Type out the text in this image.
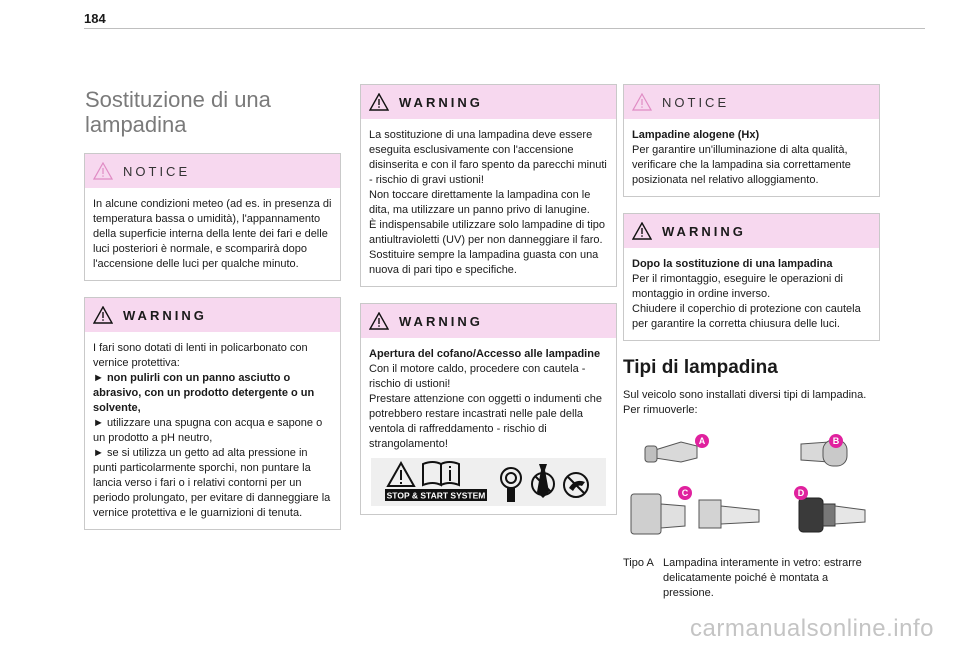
184
Sostituzione di una lampadina
NOTICE

In alcune condizioni meteo (ad es. in presenza di temperatura bassa o umidità), l'appannamento della superficie interna della lente dei fari e delle luci posteriori è normale, e scomparirà dopo l'accensione delle luci per qualche minuto.

WARNING

I fari sono dotati di lenti in policarbonato con vernice protettiva:

► non pulirli con un panno asciutto o abrasivo, con un prodotto detergente o un solvente,

► utilizzare una spugna con acqua e sapone o un prodotto a pH neutro,

► se si utilizza un getto ad alta pressione in punti particolarmente sporchi, non puntare la lancia verso i fari o i relativi contorni per un periodo prolungato, per evitare di danneggiare la vernice protettiva e le guarnizioni di tenuta.

WARNING

La sostituzione di una lampadina deve essere eseguita esclusivamente con l'accensione disinserita e con il faro spento da parecchi minuti - rischio di gravi ustioni!

Non toccare direttamente la lampadina con le dita, ma utilizzare un panno privo di lanugine.

È indispensabile utilizzare solo lampadine di tipo antiultravioletti (UV) per non danneggiare il faro.

Sostituire sempre la lampadina guasta con una nuova di pari tipo e specifiche.

WARNING

Apertura del cofano/Accesso alle lampadine

Con il motore caldo, procedere con cautela - rischio di ustioni!

Prestare attenzione con oggetti o indumenti che potrebbero restare incastrati nelle pale della ventola di raffreddamento - rischio di strangolamento!

STOP & START SYSTEM
NOTICE

Lampadine alogene (Hx)

Per garantire un'illuminazione di alta qualità, verificare che la lampadina sia correttamente posizionata nel relativo alloggiamento.

WARNING

Dopo la sostituzione di una lampadina

Per il rimontaggio, eseguire le operazioni di montaggio in ordine inverso.

Chiudere il coperchio di protezione con cautela per garantire la corretta chiusura delle luci.

Tipi di lampadina
Sul veicolo sono installati diversi tipi di lampadina. Per rimuoverle:
A	B
C	D
Tipo A Lampadina interamente in vetro: estrarre delicatamente poiché è montata a pressione.
carmanualsonline.info
